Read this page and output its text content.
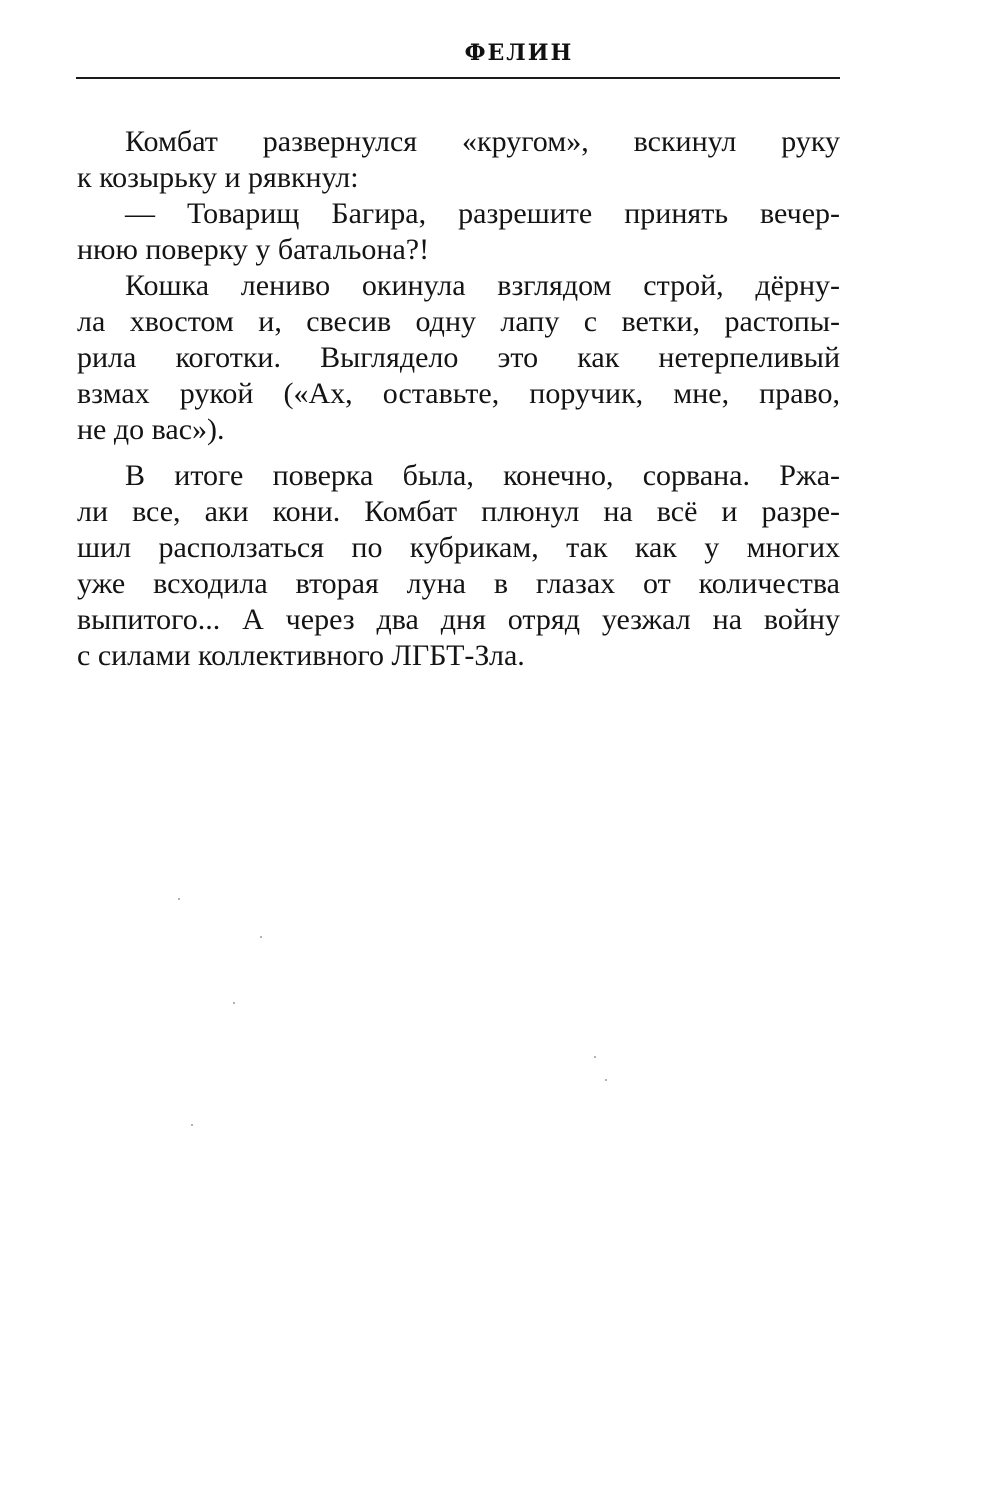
ФЕЛИН
Комбат развернулся «кругом», вскинул руку
к козырьку и рявкнул:
— Товарищ Багира, разрешите принять вечер-
нюю поверку у батальона?!
Кошка лениво окинула взглядом строй, дёрну-
ла хвостом и, свесив одну лапу с ветки, растопы-
рила коготки. Выглядело это как нетерпеливый
взмах рукой («Ах, оставьте, поручик, мне, право,
не до вас»).
В итоге поверка была, конечно, сорвана. Ржа-
ли все, аки кони. Комбат плюнул на всё и разре-
шил расползаться по кубрикам, так как у многих
уже всходила вторая луна в глазах от количества
выпитого... А через два дня отряд уезжал на войну
с силами коллективного ЛГБТ-Зла.
